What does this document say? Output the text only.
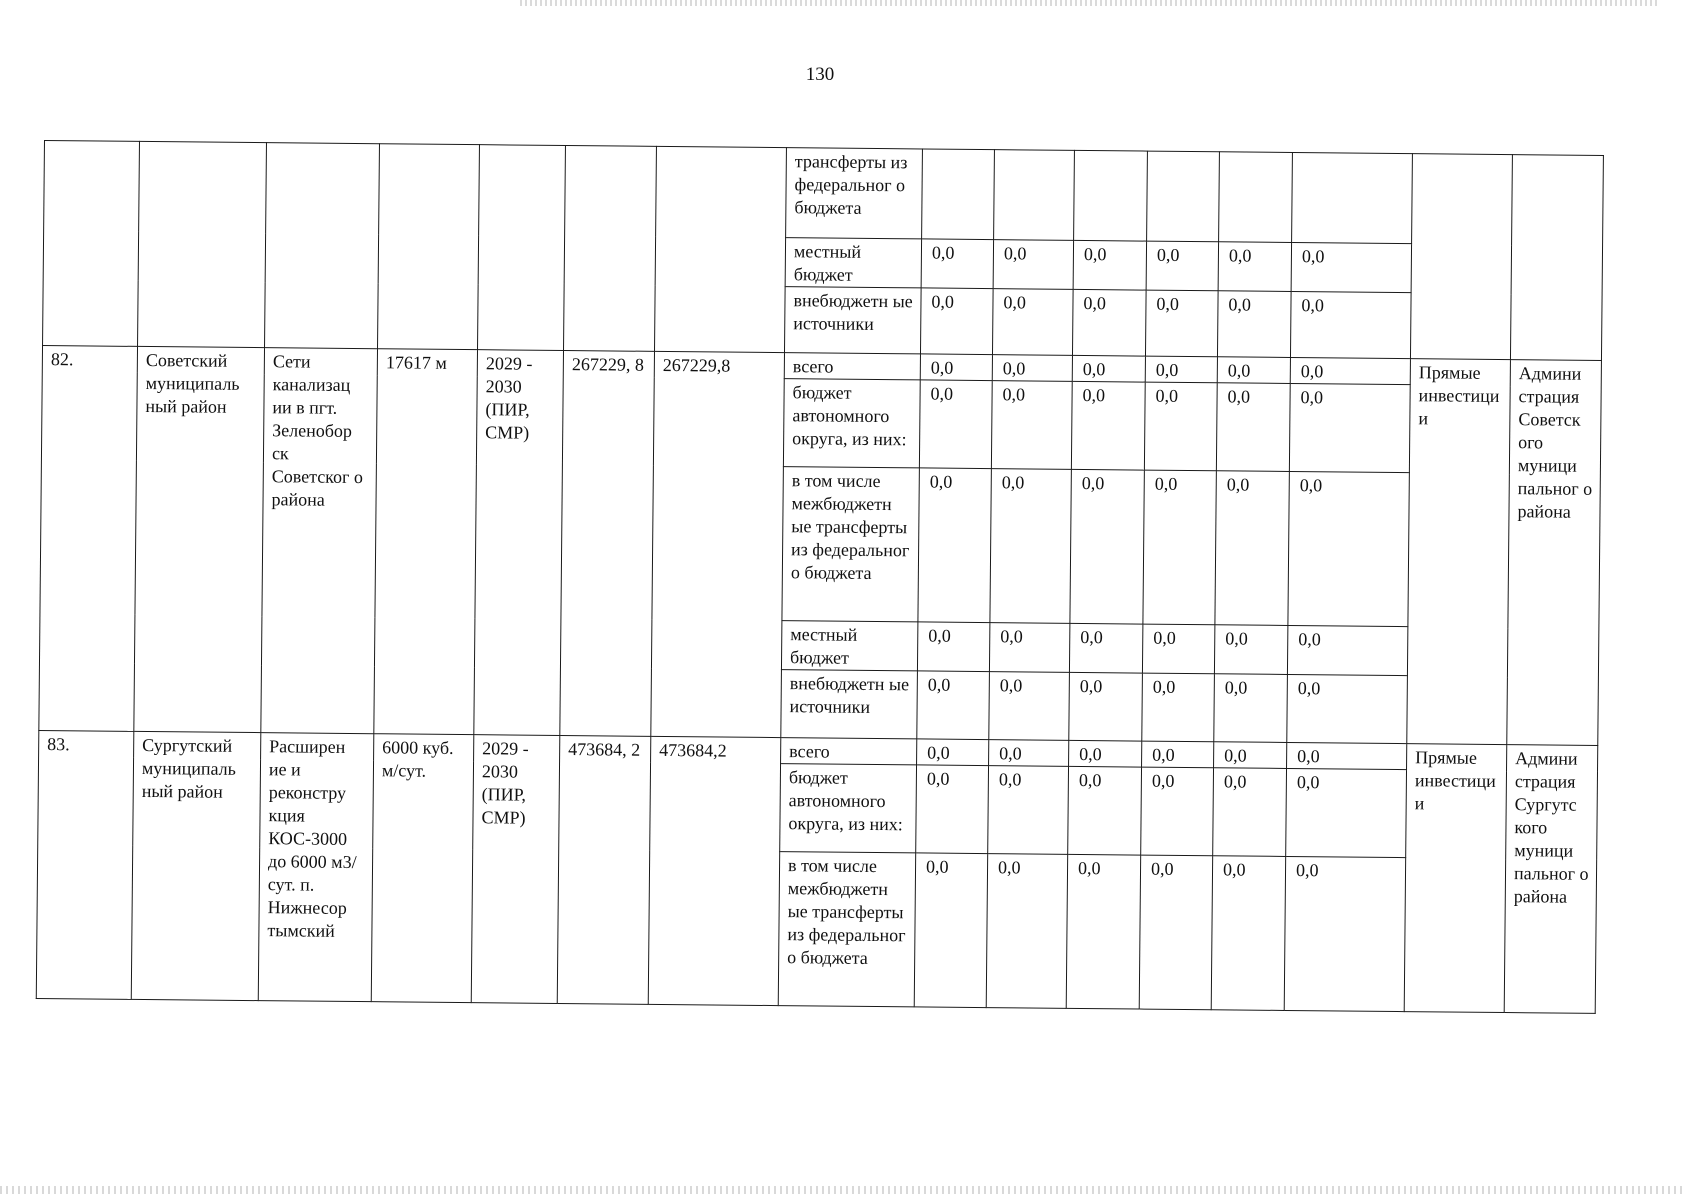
130
							трансферты из федеральног о бюджета								
							местный бюджет	0,0	0,0	0,0	0,0	0,0	0,0		
							внебюджетн ые источники	0,0	0,0	0,0	0,0	0,0	0,0		
82.	Советский муниципаль ный район	Сети канализац ии в пгт. Зеленобор ск Советског о района	17617 м	2029 - 2030 (ПИР, СМР)	267229, 8	267229,8	всего	0,0	0,0	0,0	0,0	0,0	0,0	Прямые инвестиции	Админи страция Советск ого муници пальног о района
							бюджет автономного округа, из них:	0,0	0,0	0,0	0,0	0,0	0,0		
							в том числе межбюджетн ые трансферты из федеральног о бюджета	0,0	0,0	0,0	0,0	0,0	0,0		
							местный бюджет	0,0	0,0	0,0	0,0	0,0	0,0		
							внебюджетн ые источники	0,0	0,0	0,0	0,0	0,0	0,0		
83.	Сургутский муниципаль ный район	Расширен ие и реконстру кция КОС-3000 до 6000 м3/сут. п. Нижнесор тымский	6000 куб. м/сут.	2029 - 2030 (ПИР, СМР)	473684, 2	473684,2	всего	0,0	0,0	0,0	0,0	0,0	0,0	Прямые инвестиции	Админи страция Сургутс кого муници пальног о района
							бюджет автономного округа, из них:	0,0	0,0	0,0	0,0	0,0	0,0		
							в том числе межбюджетн ые трансферты из федеральног о бюджета	0,0	0,0	0,0	0,0	0,0	0,0		
